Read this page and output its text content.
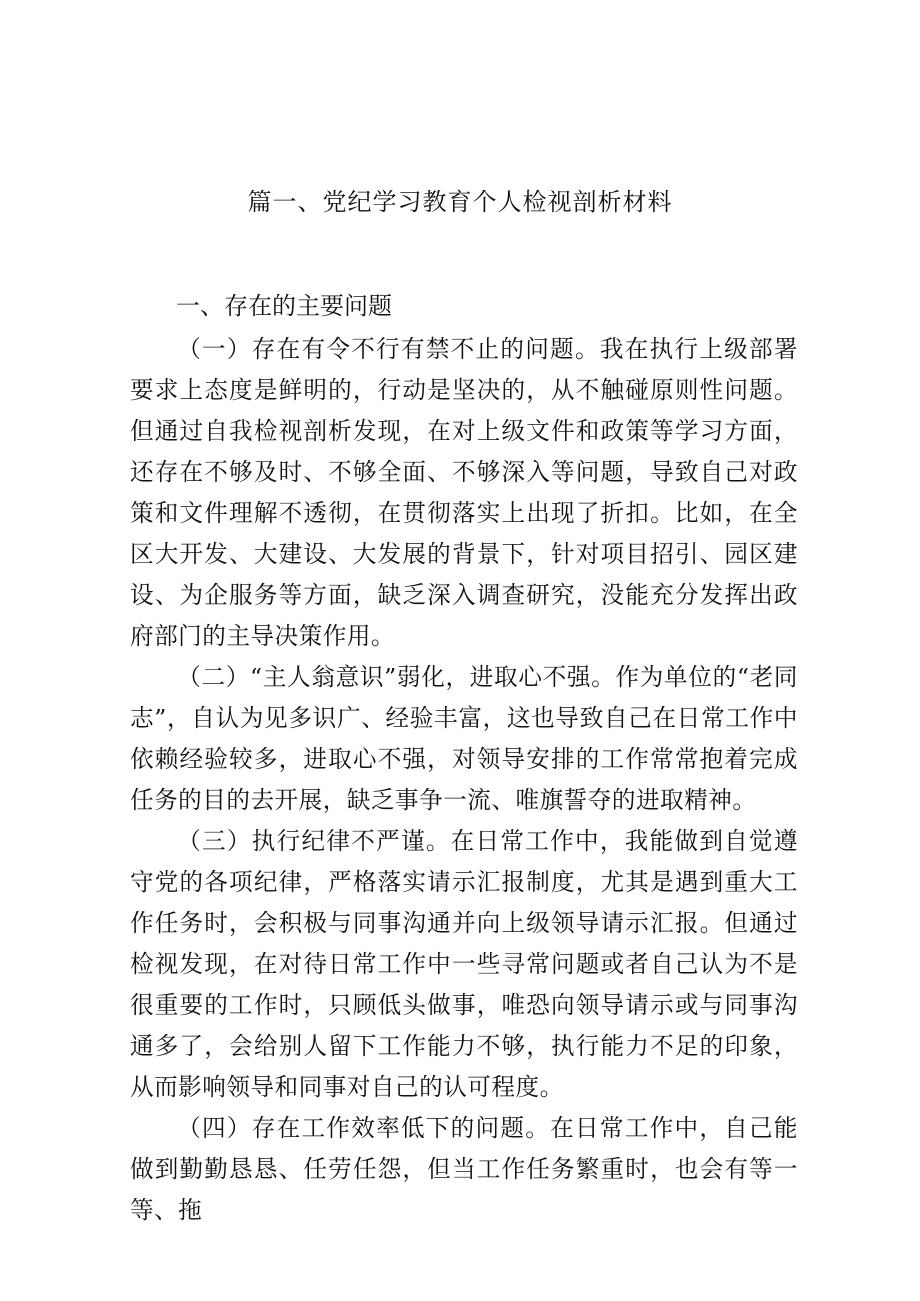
篇一、党纪学习教育个人检视剖析材料
一、存在的主要问题

（一）存在有令不行有禁不止的问题。我在执行上级部署要求上态度是鲜明的，行动是坚决的，从不触碰原则性问题。但通过自我检视剖析发现，在对上级文件和政策等学习方面，还存在不够及时、不够全面、不够深入等问题，导致自己对政策和文件理解不透彻，在贯彻落实上出现了折扣。比如，在全区大开发、大建设、大发展的背景下，针对项目招引、园区建设、为企服务等方面，缺乏深入调查研究，没能充分发挥出政府部门的主导决策作用。

（二）“主人翁意识”弱化，进取心不强。作为单位的“老同志”，自认为见多识广、经验丰富，这也导致自己在日常工作中依赖经验较多，进取心不强，对领导安排的工作常常抱着完成任务的目的去开展，缺乏事争一流、唯旗誓夺的进取精神。

（三）执行纪律不严谨。在日常工作中，我能做到自觉遵守党的各项纪律，严格落实请示汇报制度，尤其是遇到重大工作任务时，会积极与同事沟通并向上级领导请示汇报。但通过检视发现，在对待日常工作中一些寻常问题或者自己认为不是很重要的工作时，只顾低头做事，唯恐向领导请示或与同事沟通多了，会给别人留下工作能力不够，执行能力不足的印象，从而影响领导和同事对自己的认可程度。

（四）存在工作效率低下的问题。在日常工作中，自己能做到勤勤恳恳、任劳任怨，但当工作任务繁重时，也会有等一等、拖
